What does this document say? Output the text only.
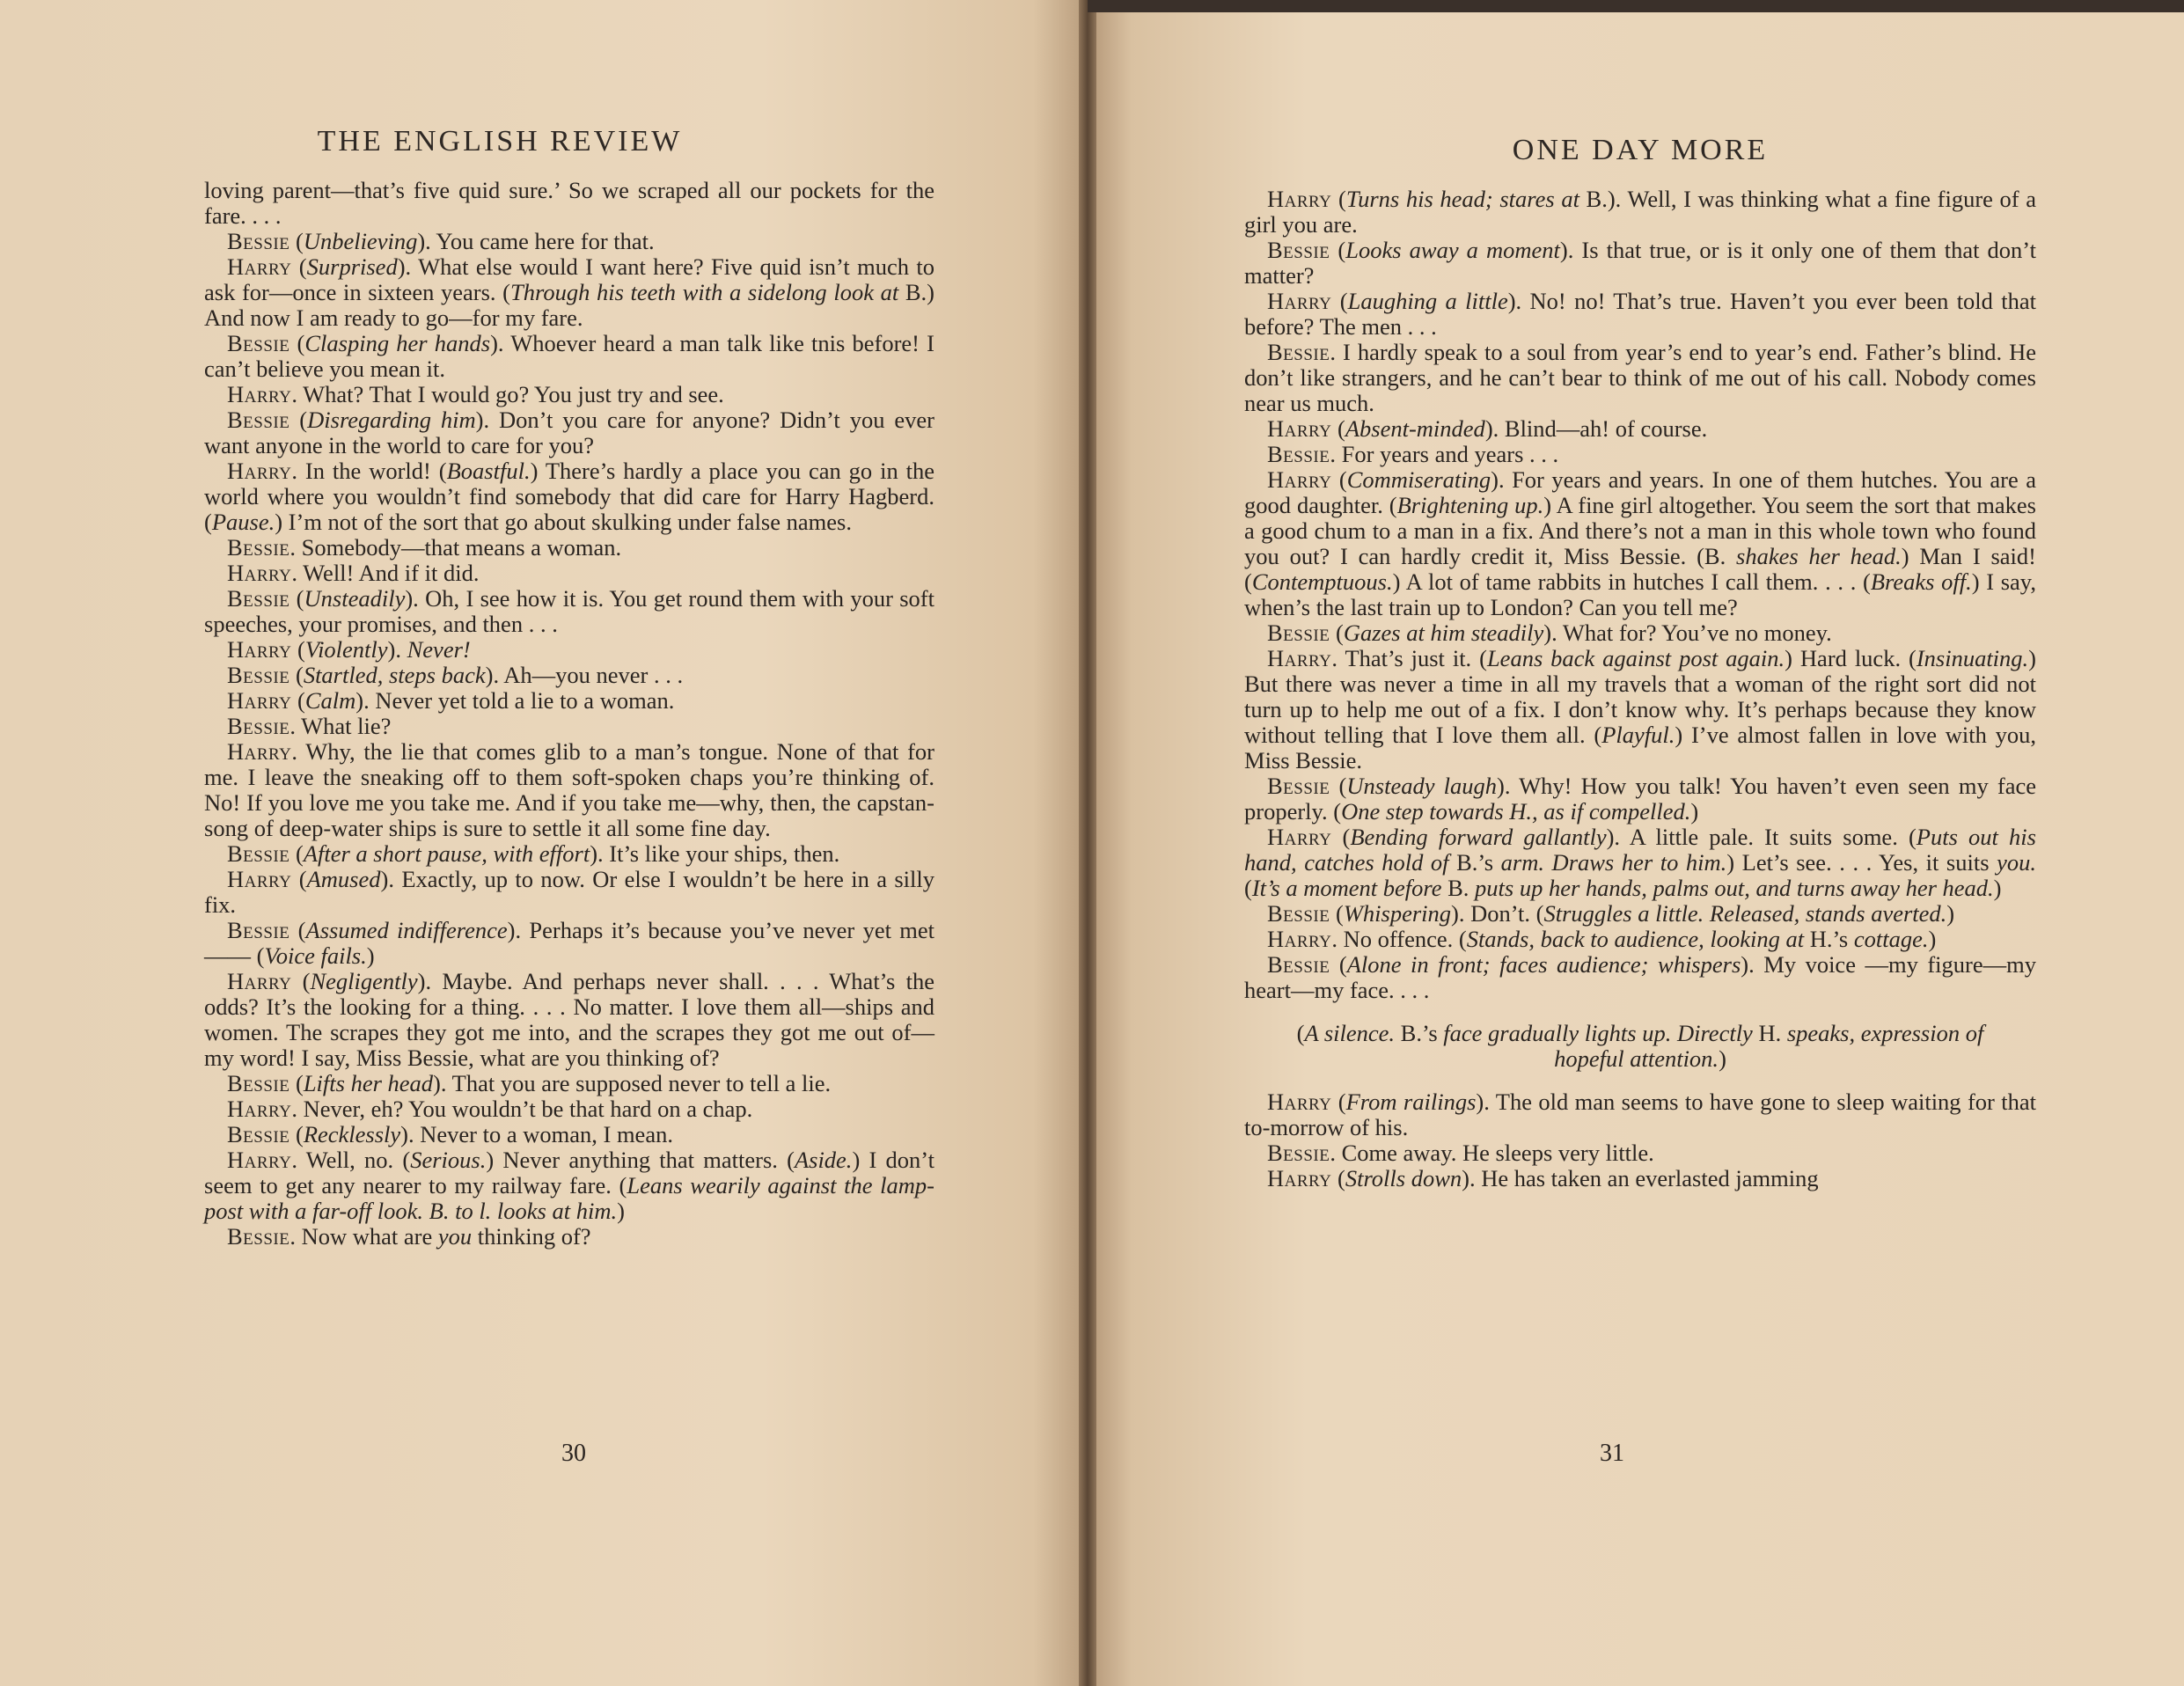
THE ENGLISH REVIEW

loving parent—that’s five quid sure.’ So we scraped all our pockets for the fare. . . .

Bessie (Unbelieving). You came here for that.

Harry (Surprised). What else would I want here? Five quid isn’t much to ask for—once in sixteen years. (Through his teeth with a sidelong look at B.) And now I am ready to go—for my fare.

Bessie (Clasping her hands). Whoever heard a man talk like tnis before! I can’t believe you mean it.

Harry. What? That I would go? You just try and see.

Bessie (Disregarding him). Don’t you care for anyone? Didn’t you ever want anyone in the world to care for you?

Harry. In the world! (Boastful.) There’s hardly a place you can go in the world where you wouldn’t find somebody that did care for Harry Hagberd. (Pause.) I’m not of the sort that go about skulking under false names.

Bessie. Somebody—that means a woman.

Harry. Well! And if it did.

Bessie (Unsteadily). Oh, I see how it is. You get round them with your soft speeches, your promises, and then . . .

Harry (Violently). Never!

Bessie (Startled, steps back). Ah—you never . . .

Harry (Calm). Never yet told a lie to a woman.

Bessie. What lie?

Harry. Why, the lie that comes glib to a man’s tongue. None of that for me. I leave the sneaking off to them soft-spoken chaps you’re thinking of. No! If you love me you take me. And if you take me—why, then, the capstan-song of deep-water ships is sure to settle it all some fine day.

Bessie (After a short pause, with effort). It’s like your ships, then.

Harry (Amused). Exactly, up to now. Or else I wouldn’t be here in a silly fix.

Bessie (Assumed indifference). Perhaps it’s because you’ve never yet met—— (Voice fails.)

Harry (Negligently). Maybe. And perhaps never shall. . . . What’s the odds? It’s the looking for a thing. . . . No matter. I love them all—ships and women. The scrapes they got me into, and the scrapes they got me out of—my word! I say, Miss Bessie, what are you thinking of?

Bessie (Lifts her head). That you are supposed never to tell a lie.

Harry. Never, eh? You wouldn’t be that hard on a chap.

Bessie (Recklessly). Never to a woman, I mean.

Harry. Well, no. (Serious.) Never anything that matters. (Aside.) I don’t seem to get any nearer to my railway fare. (Leans wearily against the lamp-post with a far-off look. B. to l. looks at him.)

Bessie. Now what are you thinking of?

30
ONE DAY MORE

Harry (Turns his head; stares at B.). Well, I was thinking what a fine figure of a girl you are.

Bessie (Looks away a moment). Is that true, or is it only one of them that don’t matter?

Harry (Laughing a little). No! no! That’s true. Haven’t you ever been told that before? The men . . .

Bessie. I hardly speak to a soul from year’s end to year’s end. Father’s blind. He don’t like strangers, and he can’t bear to think of me out of his call. Nobody comes near us much.

Harry (Absent-minded). Blind—ah! of course.

Bessie. For years and years . . .

Harry (Commiserating). For years and years. In one of them hutches. You are a good daughter. (Brightening up.) A fine girl altogether. You seem the sort that makes a good chum to a man in a fix. And there’s not a man in this whole town who found you out? I can hardly credit it, Miss Bessie. (B. shakes her head.) Man I said! (Contemptuous.) A lot of tame rabbits in hutches I call them. . . . (Breaks off.) I say, when’s the last train up to London? Can you tell me?

Bessie (Gazes at him steadily). What for? You’ve no money.

Harry. That’s just it. (Leans back against post again.) Hard luck. (Insinuating.) But there was never a time in all my travels that a woman of the right sort did not turn up to help me out of a fix. I don’t know why. It’s perhaps because they know without telling that I love them all. (Playful.) I’ve almost fallen in love with you, Miss Bessie.

Bessie (Unsteady laugh). Why! How you talk! You haven’t even seen my face properly. (One step towards H., as if compelled.)

Harry (Bending forward gallantly). A little pale. It suits some. (Puts out his hand, catches hold of B.’s arm. Draws her to him.) Let’s see. . . . Yes, it suits you. (It’s a moment before B. puts up her hands, palms out, and turns away her head.)

Bessie (Whispering). Don’t. (Struggles a little. Released, stands averted.)

Harry. No offence. (Stands, back to audience, looking at H.’s cottage.)

Bessie (Alone in front; faces audience; whispers). My voice —my figure—my heart—my face. . . .

(A silence. B.’s face gradually lights up. Directly H. speaks, expression of hopeful attention.)

Harry (From railings). The old man seems to have gone to sleep waiting for that to-morrow of his.

Bessie. Come away. He sleeps very little.

Harry (Strolls down). He has taken an everlasted jamming

31
